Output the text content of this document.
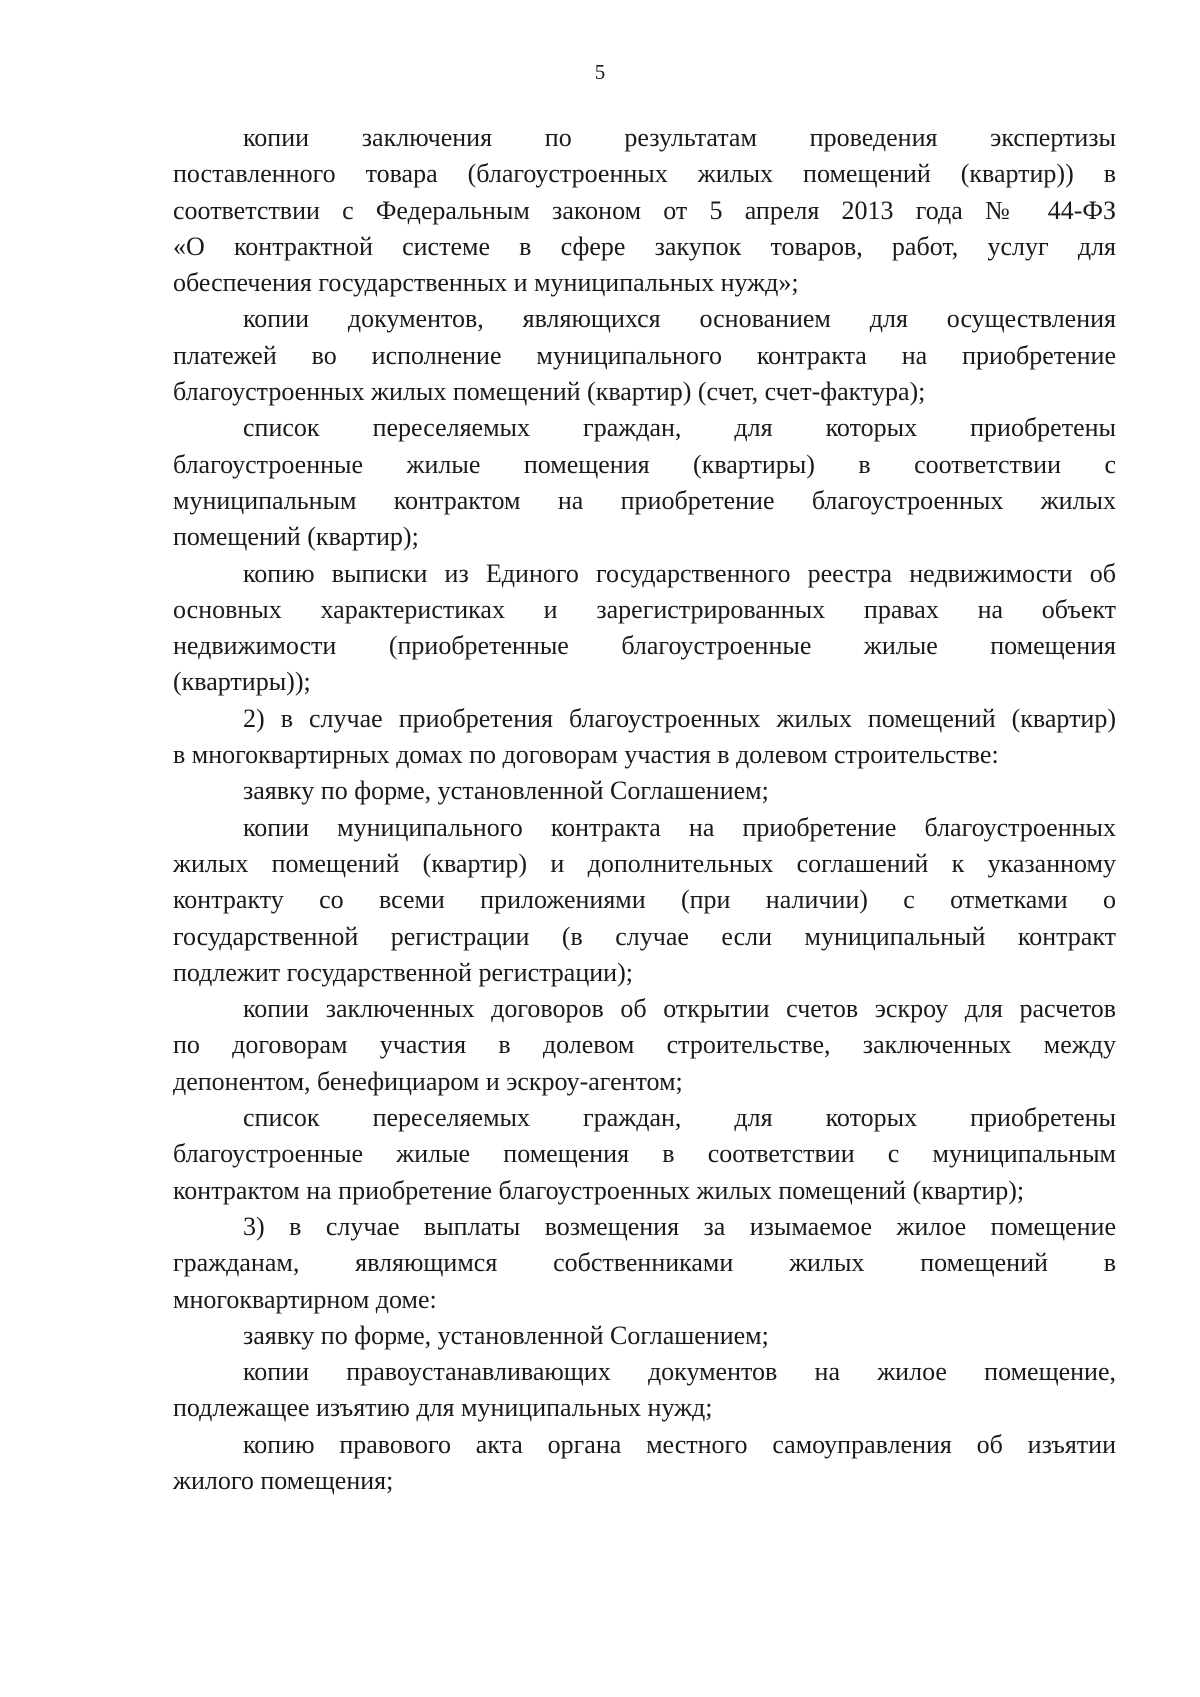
5
копии заключения по результатам проведения экспертизы
поставленного товара (благоустроенных жилых помещений (квартир)) в
соответствии с Федеральным законом от 5 апреля 2013 года № 44-ФЗ
«О контрактной системе в сфере закупок товаров, работ, услуг для
обеспечения государственных и муниципальных нужд»;
копии документов, являющихся основанием для осуществления
платежей во исполнение муниципального контракта на приобретение
благоустроенных жилых помещений (квартир) (счет, счет-фактура);
список переселяемых граждан, для которых приобретены
благоустроенные жилые помещения (квартиры) в соответствии с
муниципальным контрактом на приобретение благоустроенных жилых
помещений (квартир);
копию выписки из Единого государственного реестра недвижимости об
основных характеристиках и зарегистрированных правах на объект
недвижимости (приобретенные благоустроенные жилые помещения
(квартиры));
2) в случае приобретения благоустроенных жилых помещений (квартир)
в многоквартирных домах по договорам участия в долевом строительстве:
заявку по форме, установленной Соглашением;
копии муниципального контракта на приобретение благоустроенных
жилых помещений (квартир) и дополнительных соглашений к указанному
контракту со всеми приложениями (при наличии) с отметками о
государственной регистрации (в случае если муниципальный контракт
подлежит государственной регистрации);
копии заключенных договоров об открытии счетов эскроу для расчетов
по договорам участия в долевом строительстве, заключенных между
депонентом, бенефициаром и эскроу-агентом;
список переселяемых граждан, для которых приобретены
благоустроенные жилые помещения в соответствии с муниципальным
контрактом на приобретение благоустроенных жилых помещений (квартир);
3) в случае выплаты возмещения за изымаемое жилое помещение
гражданам, являющимся собственниками жилых помещений в
многоквартирном доме:
заявку по форме, установленной Соглашением;
копии правоустанавливающих документов на жилое помещение,
подлежащее изъятию для муниципальных нужд;
копию правового акта органа местного самоуправления об изъятии
жилого помещения;
